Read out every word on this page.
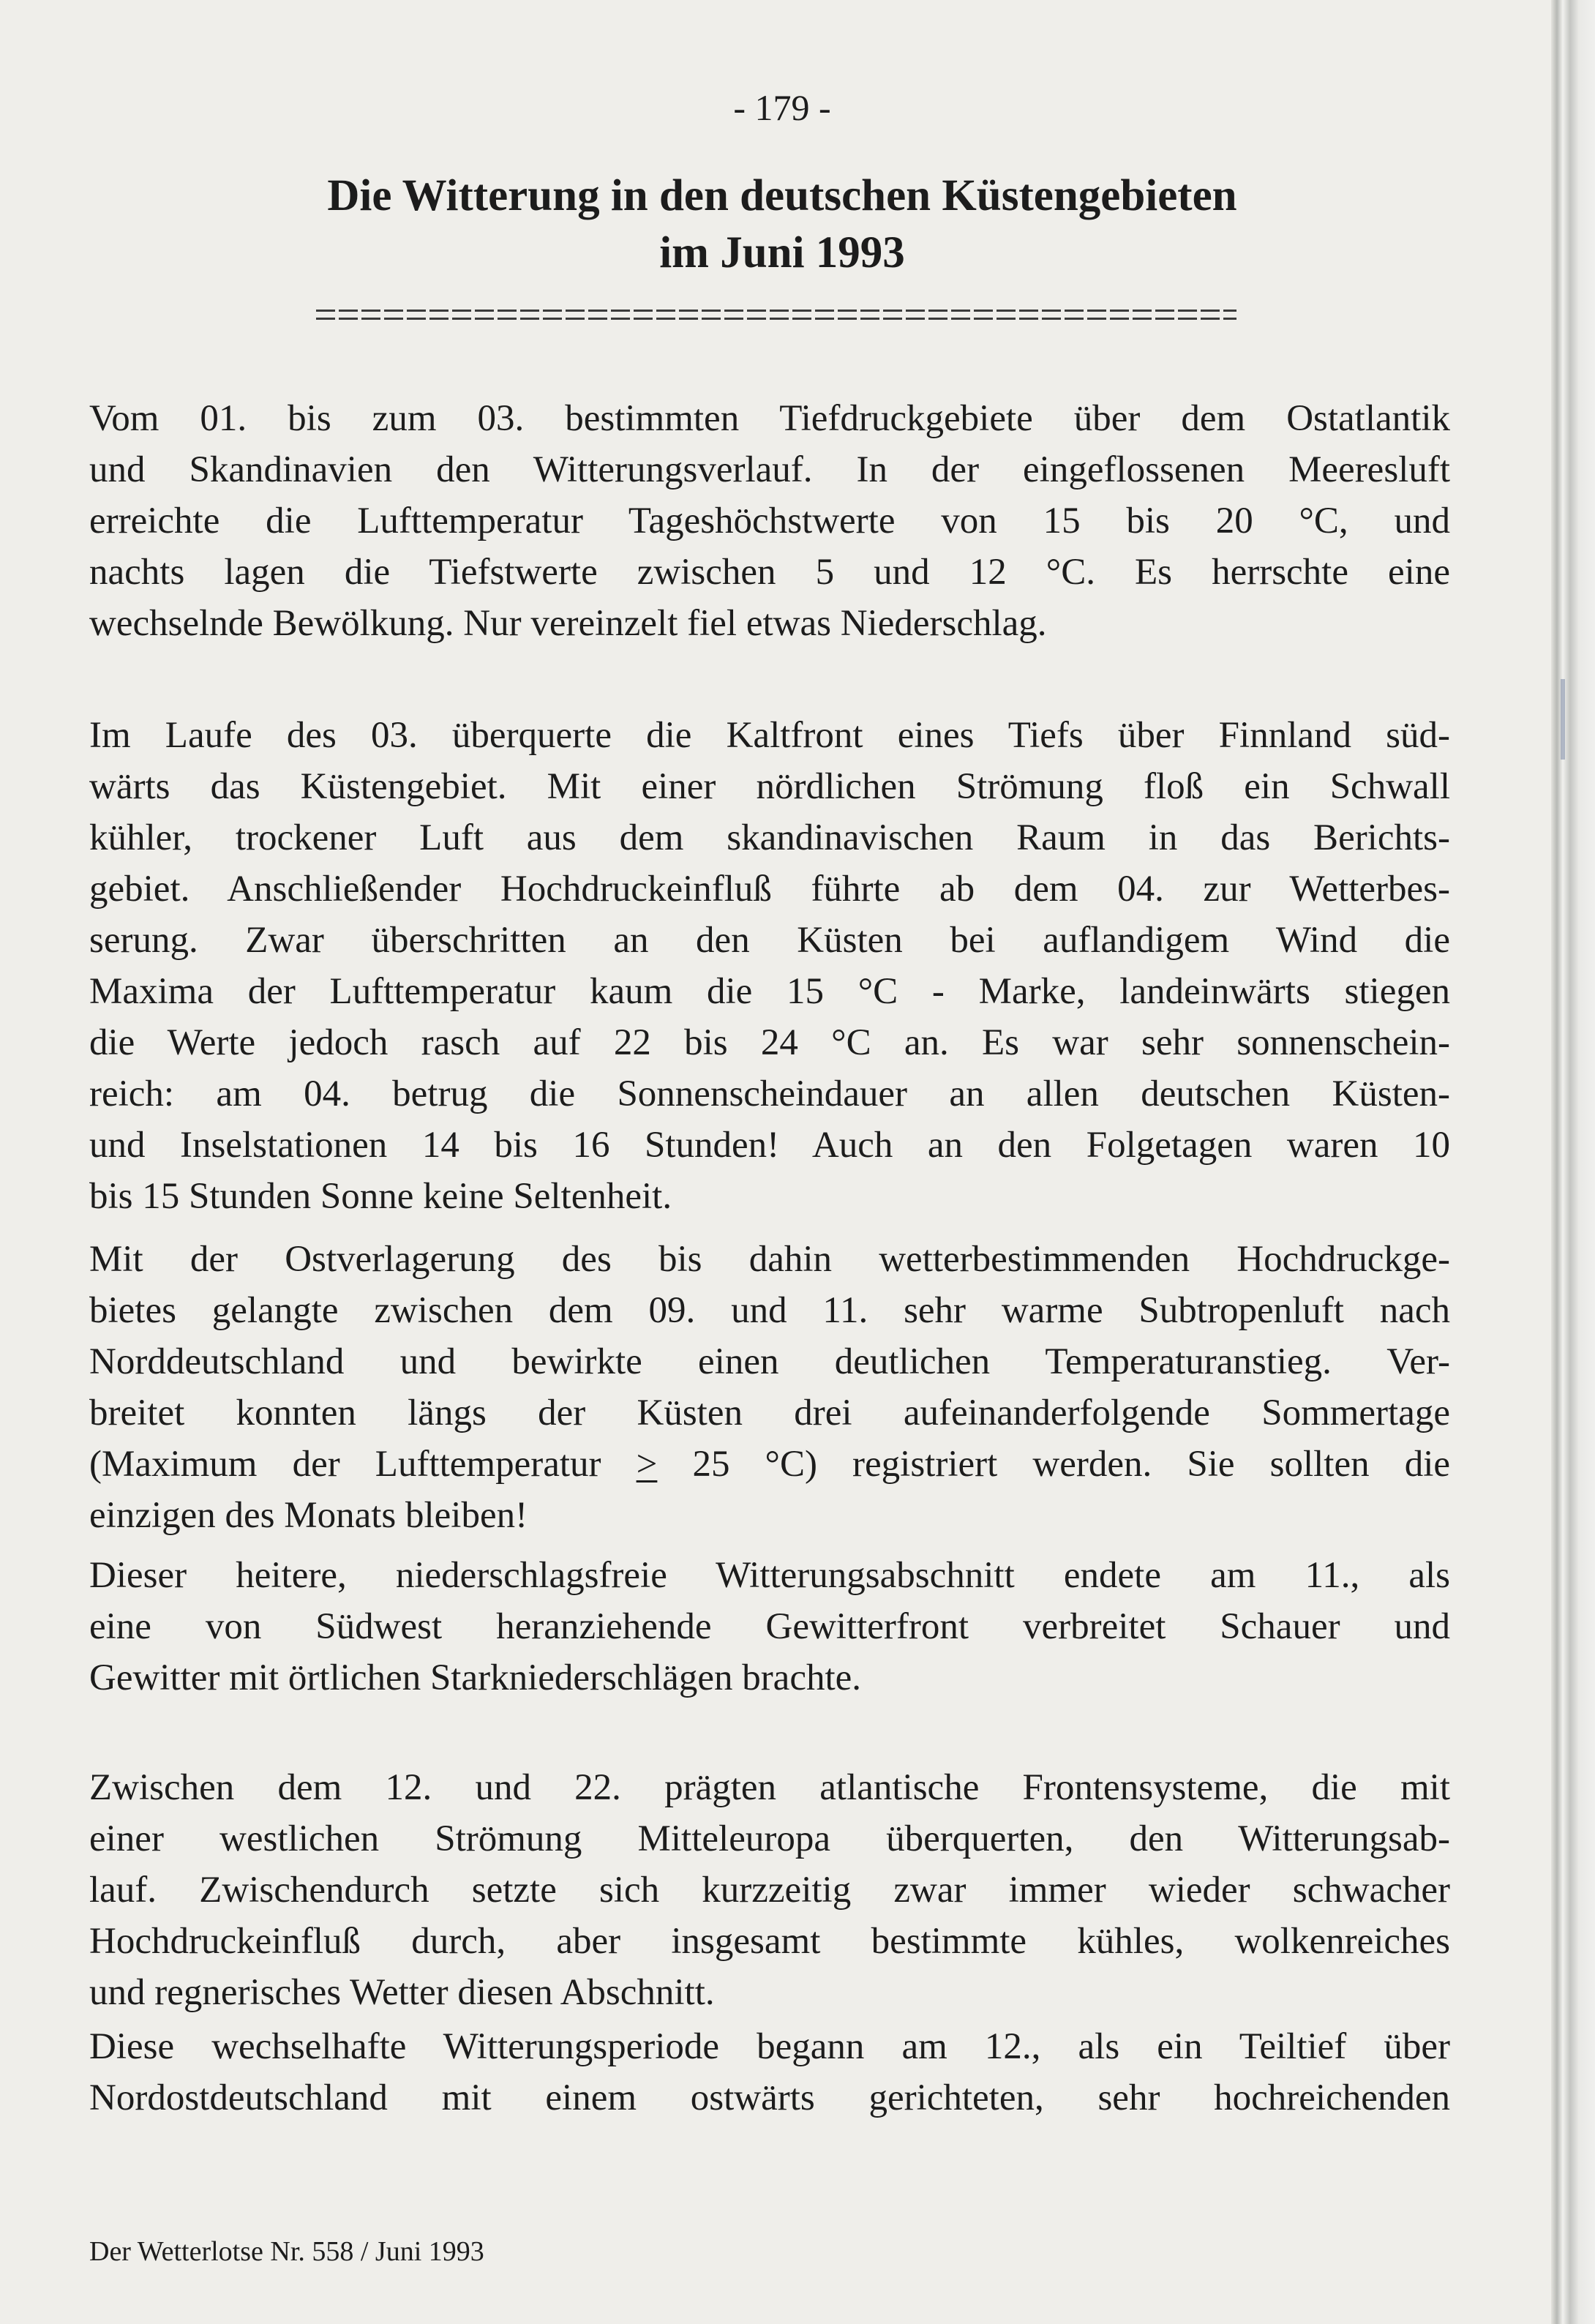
- 179 -
Die Witterung in den deutschen Küstengebieten
im Juni 1993

Vom 01. bis zum 03. bestimmten Tiefdruckgebiete über dem Ostatlantik
und Skandinavien den Witterungsverlauf. In der eingeflossenen Meeresluft
erreichte die Lufttemperatur Tageshöchstwerte von 15 bis 20 °C, und
nachts lagen die Tiefstwerte zwischen 5 und 12 °C. Es herrschte eine
wechselnde Bewölkung. Nur vereinzelt fiel etwas Niederschlag.

Im Laufe des 03. überquerte die Kaltfront eines Tiefs über Finnland süd-
wärts das Küstengebiet. Mit einer nördlichen Strömung floß ein Schwall
kühler, trockener Luft aus dem skandinavischen Raum in das Berichts-
gebiet. Anschließender Hochdruckeinfluß führte ab dem 04. zur Wetterbes-
serung. Zwar überschritten an den Küsten bei auflandigem Wind die
Maxima der Lufttemperatur kaum die 15 °C - Marke, landeinwärts stiegen
die Werte jedoch rasch auf 22 bis 24 °C an. Es war sehr sonnenschein-
reich: am 04. betrug die Sonnenscheindauer an allen deutschen Küsten-
und Inselstationen 14 bis 16 Stunden! Auch an den Folgetagen waren 10
bis 15 Stunden Sonne keine Seltenheit.

Mit der Ostverlagerung des bis dahin wetterbestimmenden Hochdruckge-
bietes gelangte zwischen dem 09. und 11. sehr warme Subtropenluft nach
Norddeutschland und bewirkte einen deutlichen Temperaturanstieg. Ver-
breitet konnten längs der Küsten drei aufeinanderfolgende Sommertage
(Maximum der Lufttemperatur ≥ 25 °C) registriert werden. Sie sollten die
einzigen des Monats bleiben!

Dieser heitere, niederschlagsfreie Witterungsabschnitt endete am 11., als
eine von Südwest heranziehende Gewitterfront verbreitet Schauer und
Gewitter mit örtlichen Starkniederschlägen brachte.

Zwischen dem 12. und 22. prägten atlantische Frontensysteme, die mit
einer westlichen Strömung Mitteleuropa überquerten, den Witterungsab-
lauf. Zwischendurch setzte sich kurzzeitig zwar immer wieder schwacher
Hochdruckeinfluß durch, aber insgesamt bestimmte kühles, wolkenreiches
und regnerisches Wetter diesen Abschnitt.

Diese wechselhafte Witterungsperiode begann am 12., als ein Teiltief über
Nordostdeutschland mit einem ostwärts gerichteten, sehr hochreichenden

Der Wetterlotse Nr. 558 / Juni 1993
